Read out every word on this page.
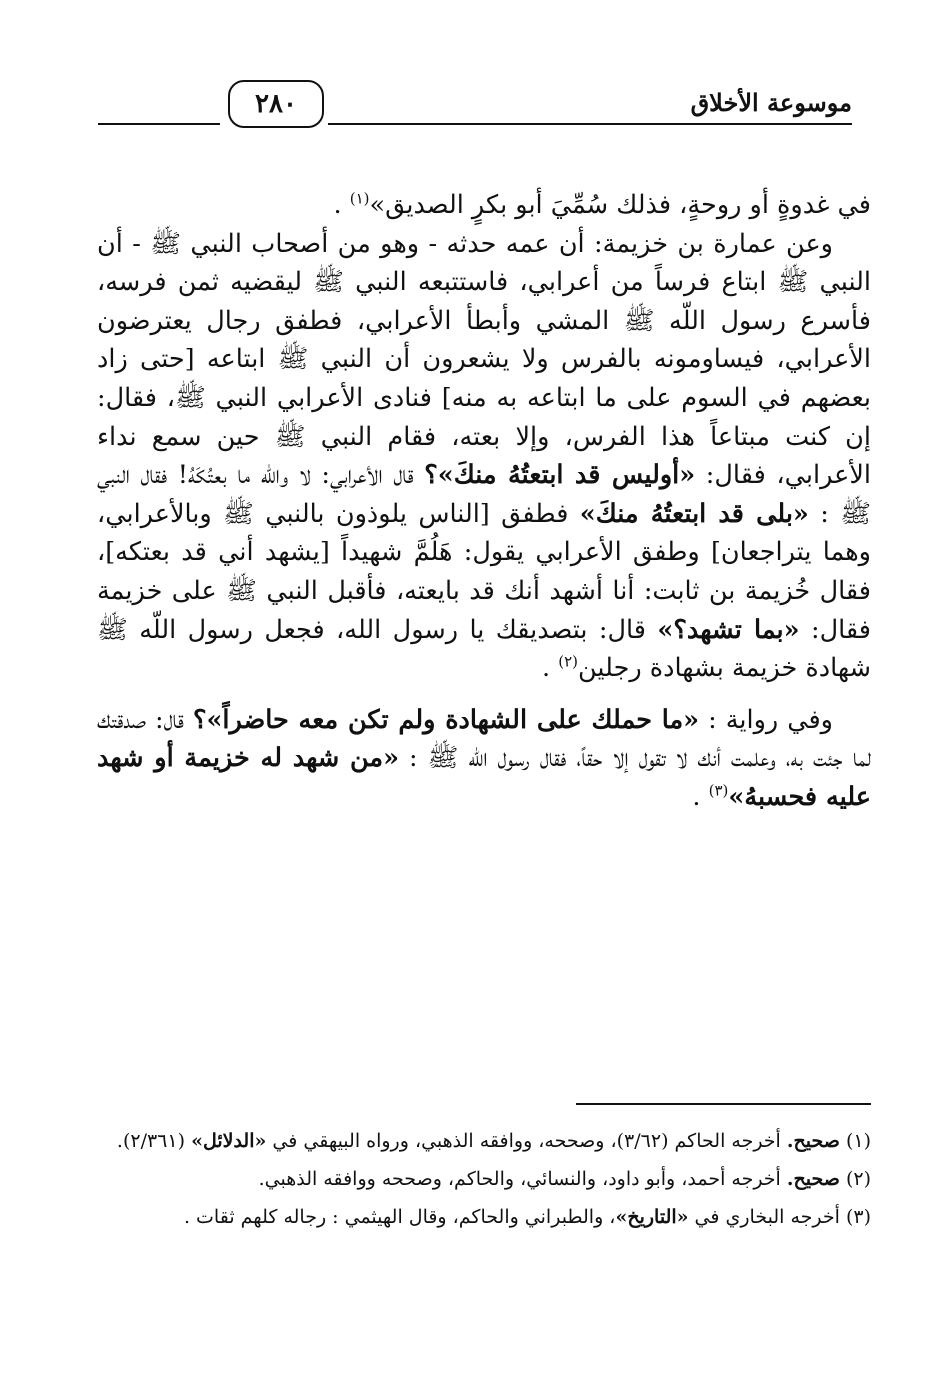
موسوعة الأخلاق
٢٨٠

في غدوةٍ أو روحةٍ، فذلك سُمِّيَ أبو بكرٍ الصديق»$^{(١)}$ .

وعن عمارة بن خزيمة: أن عمه حدثه - وهو من أصحاب النبي ﷺ - أن النبي ﷺ ابتاع فرساً من أعرابي، فاستتبعه النبي ﷺ ليقضيه ثمن فرسه، فأسرع رسول اللّه ﷺ المشي وأبطأ الأعرابي، فطفق رجال يعترضون الأعرابي، فيساومونه بالفرس ولا يشعرون أن النبي ﷺ ابتاعه [حتى زاد بعضهم في السوم على ما ابتاعه به منه] فنادى الأعرابي النبي ﷺ، فقال: إن كنت مبتاعاً هذا الفرس، وإلا بعته، فقام النبي ﷺ حين سمع نداء الأعرابي، فقال: «أوليس قد ابتعتُهُ منكَ»؟ قال الأعرابي: لا واللّه ما بعتُكَهُ! فقال النبي ﷺ : «بلى قد ابتعتُهُ منكَ» فطفق [الناس يلوذون بالنبي ﷺ وبالأعرابي، وهما يتراجعان] وطفق الأعرابي يقول: هَلُمَّ شهيداً [يشهد أني قد بعتكه]، فقال خُزيمة بن ثابت: أنا أشهد أنك قد بايعته، فأقبل النبي ﷺ على خزيمة فقال: «بما تشهد؟» قال: بتصديقك يا رسول الله، فجعل رسول اللّه ﷺ شهادة خزيمة بشهادة رجلين$^{(٢)}$ .

وفي رواية : «ما حملك على الشهادة ولم تكن معه حاضراً»؟ قال: صدقتك لما جئت به، وعلمت أنك لا تقول إلا حقاً، فقال رسول اللّه ﷺ : «من شهد له خزيمة أو شهد عليه فحسبهُ»$^{(٣)}$ .

(١) صحيح. أخرجه الحاكم (٣/٦٢)، وصححه، ووافقه الذهبي، ورواه البيهقي في «الدلائل» (٢/٣٦١).

(٢) صحيح. أخرجه أحمد، وأبو داود، والنسائي، والحاكم، وصححه ووافقه الذهبي.

(٣) أخرجه البخاري في «التاريخ»، والطبراني والحاكم، وقال الهيثمي : رجاله كلهم ثقات .
